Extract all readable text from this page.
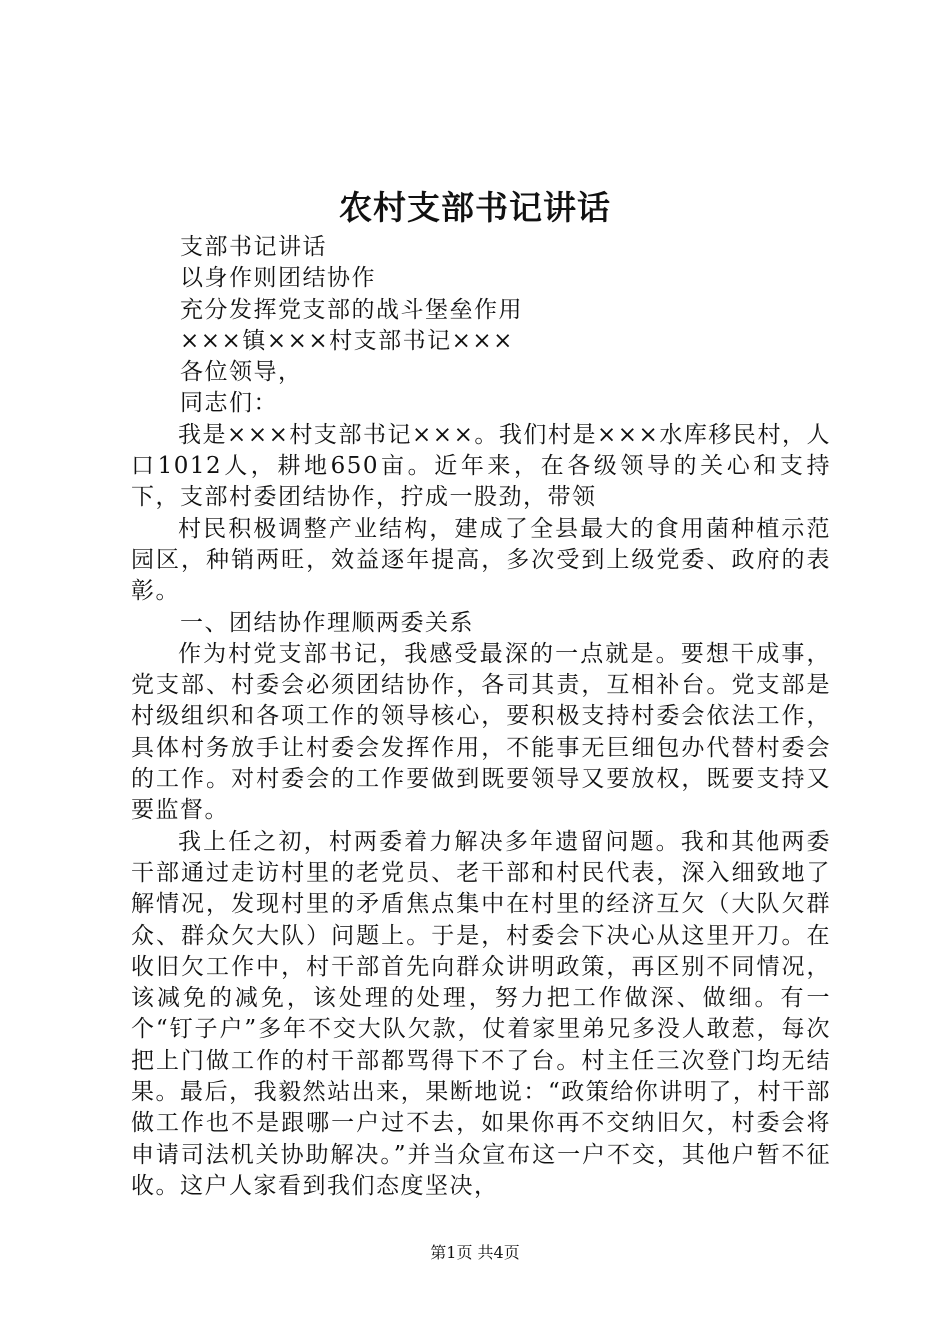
农村支部书记讲话

支部书记讲话

以身作则团结协作

充分发挥党支部的战斗堡垒作用

×××镇×××村支部书记×××

各位领导，

同志们：

我是×××村支部书记×××。我们村是×××水库移民村，人口1012人，耕地650亩。近年来，在各级领导的关心和支持下，支部村委团结协作，拧成一股劲，带领

村民积极调整产业结构，建成了全县最大的食用菌种植示范园区，种销两旺，效益逐年提高，多次受到上级党委、政府的表彰。

一、团结协作理顺两委关系

作为村党支部书记，我感受最深的一点就是。要想干成事，党支部、村委会必须团结协作，各司其责，互相补台。党支部是村级组织和各项工作的领导核心，要积极支持村委会依法工作，具体村务放手让村委会发挥作用，不能事无巨细包办代替村委会的工作。对村委会的工作要做到既要领导又要放权，既要支持又要监督。

我上任之初，村两委着力解决多年遗留问题。我和其他两委干部通过走访村里的老党员、老干部和村民代表，深入细致地了解情况，发现村里的矛盾焦点集中在村里的经济互欠（大队欠群众、群众欠大队）问题上。于是，村委会下决心从这里开刀。在收旧欠工作中，村干部首先向群众讲明政策，再区别不同情况，该减免的减免，该处理的处理，努力把工作做深、做细。有一个“钉子户”多年不交大队欠款，仗着家里弟兄多没人敢惹，每次把上门做工作的村干部都骂得下不了台。村主任三次登门均无结果。最后，我毅然站出来，果断地说：“政策给你讲明了，村干部做工作也不是跟哪一户过不去，如果你再不交纳旧欠，村委会将申请司法机关协助解决。”并当众宣布这一户不交，其他户暂不征收。这户人家看到我们态度坚决，

第1页 共4页
